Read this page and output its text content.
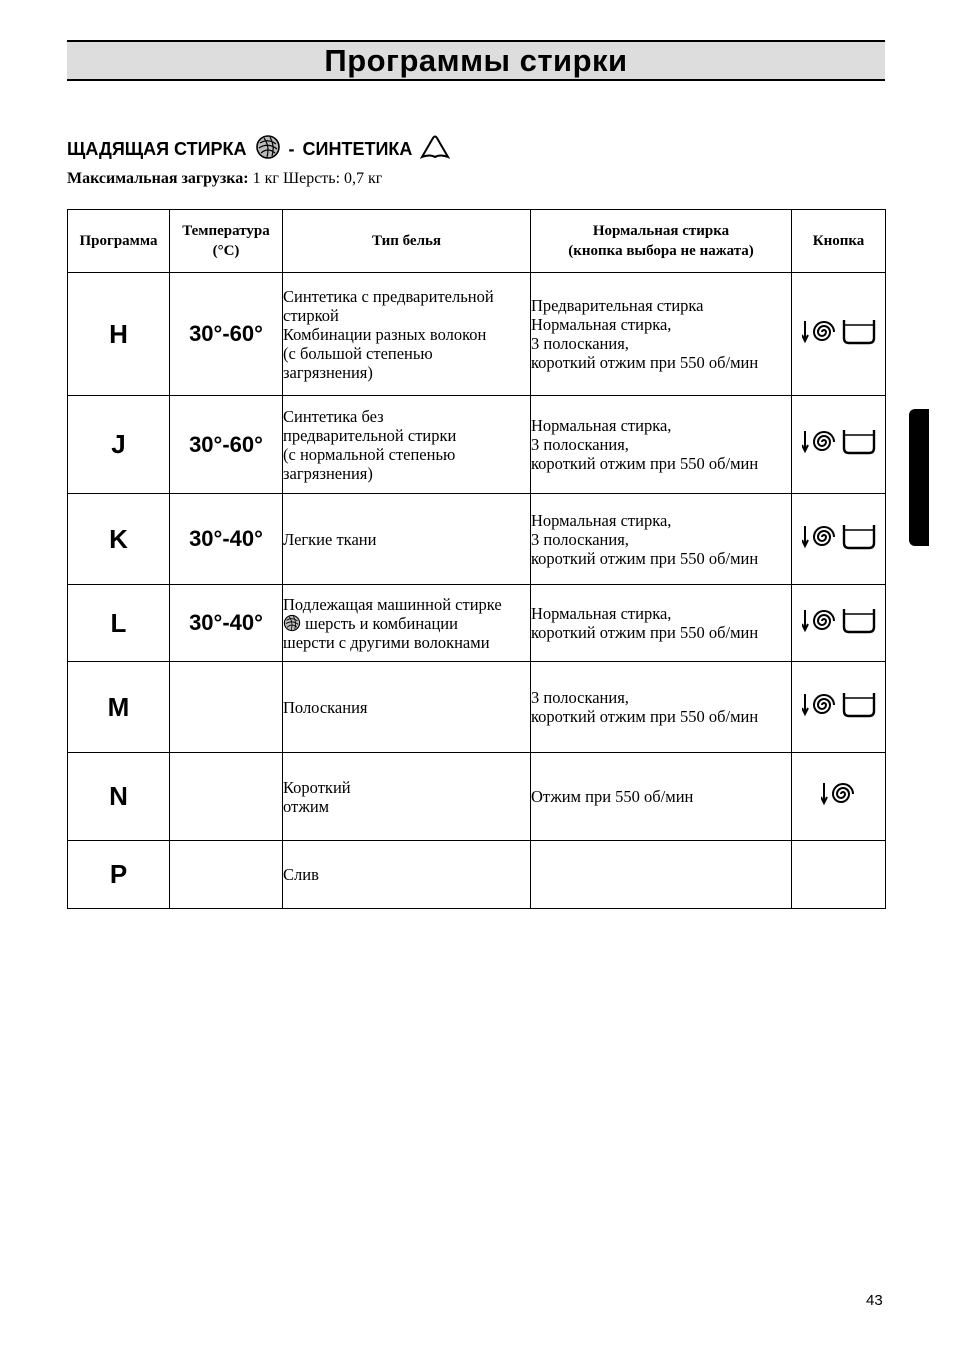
Программы стирки
ЩАДЯЩАЯ СТИРКА - СИНТЕТИКА
Максимальная загрузка: 1 кг Шерсть: 0,7 кг
Программа	Температура
(°C)	Тип белья	Нормальная стирка
(кнопка выбора не нажата)	Кнопка
H	30°-60°	Синтетика с предварительной
стиркой
Комбинации разных волокон
(с большой степенью
загрязнения)	Предварительная стирка
Нормальная стирка,
3 полоскания,
короткий отжим при 550 об/мин

J	30°-60°	Синтетика без
предварительной стирки
(с нормальной степенью
загрязнения)	Нормальная стирка,
3 полоскания,
короткий отжим при 550 об/мин

K	30°-40°	Легкие ткани	Нормальная стирка,
3 полоскания,
короткий отжим при 550 об/мин

L	30°-40°	Подлежащая машинной стирке
шерсть и комбинации
шерсти с другими волокнами	Нормальная стирка,
короткий отжим при 550 об/мин

M		Полоскания	3 полоскания,
короткий отжим при 550 об/мин

N		Короткий
отжим	Отжим при 550 об/мин

P		Слив		

43
